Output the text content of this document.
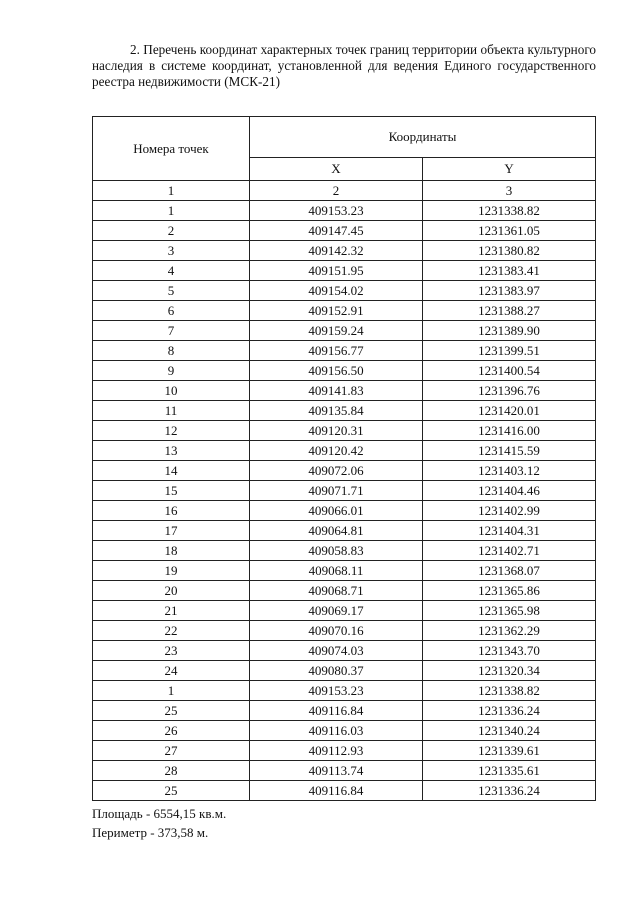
2. Перечень координат характерных точек границ территории объекта культурного наследия в системе координат, установленной для ведения Единого государственного реестра недвижимости (МСК-21)
Номера точек	Координаты	
	X	Y
1	2	3
1	409153.23	1231338.82
2	409147.45	1231361.05
3	409142.32	1231380.82
4	409151.95	1231383.41
5	409154.02	1231383.97
6	409152.91	1231388.27
7	409159.24	1231389.90
8	409156.77	1231399.51
9	409156.50	1231400.54
10	409141.83	1231396.76
11	409135.84	1231420.01
12	409120.31	1231416.00
13	409120.42	1231415.59
14	409072.06	1231403.12
15	409071.71	1231404.46
16	409066.01	1231402.99
17	409064.81	1231404.31
18	409058.83	1231402.71
19	409068.11	1231368.07
20	409068.71	1231365.86
21	409069.17	1231365.98
22	409070.16	1231362.29
23	409074.03	1231343.70
24	409080.37	1231320.34
1	409153.23	1231338.82
25	409116.84	1231336.24
26	409116.03	1231340.24
27	409112.93	1231339.61
28	409113.74	1231335.61
25	409116.84	1231336.24
Площадь - 6554,15 кв.м.
Периметр - 373,58 м.
